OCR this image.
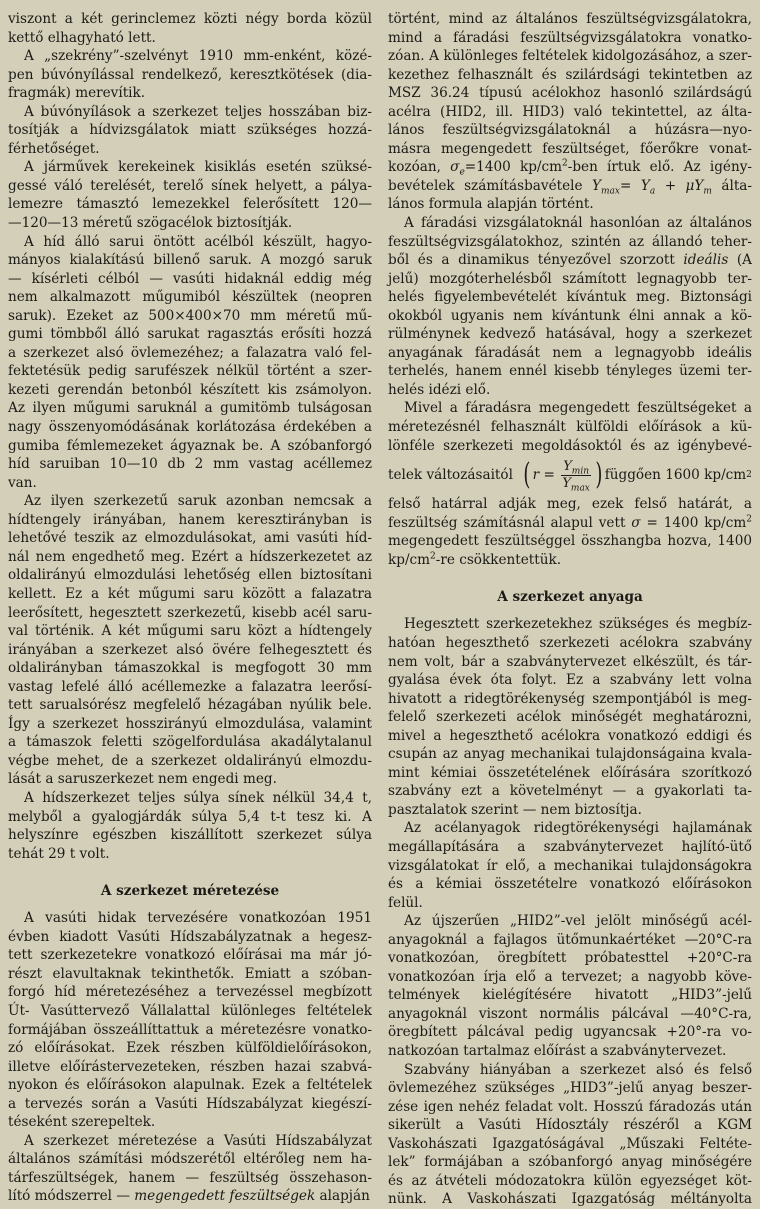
viszont a két gerinclemez közti négy borda közül
kettő elhagyható lett.
A „szekrény”-szelvényt 1910 mm-enként, közé-
pen búvónyílással rendelkező, keresztkötések (dia-
fragmák) merevítik.
A búvónyílások a szerkezet teljes hosszában biz-
tosítják a hídvizsgálatok miatt szükséges hozzá-
férhetőséget.
A járművek kerekeinek kisiklás esetén szüksé-
gessé váló terelését, terelő sínek helyett, a pálya-
lemezre támasztó lemezekkel felerősített 120—
—120—13 méretű szögacélok biztosítják.
A híd álló sarui öntött acélból készült, hagyo-
mányos kialakítású billenő saruk. A mozgó saruk
— kísérleti célból — vasúti hidaknál eddig még
nem alkalmazott műgumiból készültek (neopren
saruk). Ezeket az 500×400×70 mm méretű mű-
gumi tömbből álló sarukat ragasztás erősíti hozzá
a szerkezet alsó övlemezéhez; a falazatra való fel-
fektetésük pedig sarufészek nélkül történt a szer-
kezeti gerendán betonból készített kis zsámolyon.
Az ilyen műgumi saruknál a gumitömb tulságosan
nagy összenyomódásának korlátozása érdekében a
gumiba fémlemezeket ágyaznak be. A szóbanforgó
híd saruiban 10—10 db 2 mm vastag acéllemez
van.
Az ilyen szerkezetű saruk azonban nemcsak a
hídtengely irányában, hanem keresztirányban is
lehetővé teszik az elmozdulásokat, ami vasúti híd-
nál nem engedhető meg. Ezért a hídszerkezetet az
oldalirányú elmozdulási lehetőség ellen biztosítani
kellett. Ez a két műgumi saru között a falazatra
leerősített, hegesztett szerkezetű, kisebb acél saru-
val történik. A két műgumi saru közt a hídtengely
irányában a szerkezet alsó övére felhegesztett és
oldalirányban támaszokkal is megfogott 30 mm
vastag lefelé álló acéllemezke a falazatra leerősí-
tett sarualsórész megfelelő hézagában nyúlik bele.
Így a szerkezet hosszirányú elmozdulása, valamint
a támaszok feletti szögelfordulása akadálytalanul
végbe mehet, de a szerkezet oldalirányú elmozdu-
lását a saruszerkezet nem engedi meg.
A hídszerkezet teljes súlya sínek nélkül 34,4 t,
melyből a gyalogjárdák súlya 5,4 t-t tesz ki. A
helyszínre egészben kiszállított szerkezet súlya
tehát 29 t volt.
A szerkezet méretezése
A vasúti hidak tervezésére vonatkozóan 1951
évben kiadott Vasúti Hídszabályzatnak a hegesz-
tett szerkezetekre vonatkozó előírásai ma már jó-
részt elavultaknak tekinthetők. Emiatt a szóban-
forgó híd méretezéséhez a tervezéssel megbízott
Út- Vasúttervező Vállalattal különleges feltételek
formájában összeállíttattuk a méretezésre vonatko-
zó előírásokat. Ezek részben külföldielőírásokon,
illetve előírástervezeteken, részben hazai szabvá-
nyokon és előírásokon alapulnak. Ezek a feltételek
a tervezés során a Vasúti Hídszabályzat kiegészí-
téseként szerepeltek.
A szerkezet méretezése a Vasúti Hídszabályzat
általános számítási módszerétől eltérőleg nem ha-
tárfeszültségek, hanem — feszültség összehason-
lító módszerrel — megengedett feszültségek alapján
történt, mind az általános feszültségvizsgálatokra,
mind a fáradási feszültségvizsgálatokra vonatko-
zóan. A különleges feltételek kidolgozásához, a szer-
kezethez felhasznált és szilárdsági tekintetben az
MSZ 36.24 típusú acélokhoz hasonló szilárdságú
acélra (HID2, ill. HID3) való tekintettel, az álta-
lános feszültségvizsgálatoknál a húzásra—nyo-
másra megengedett feszültséget, főerőkre vonat-
kozóan, $\sigma_e=1400$ $kp/cm^2$-ben írtuk elő. Az igény-
bevételek számításbavétele $Y_{max}= Y_a + \mu Y_m$ álta-
lános formula alapján történt.
A fáradási vizsgálatoknál hasonlóan az általános
feszültségvizsgálatokhoz, szintén az állandó teher-
ből és a dinamikus tényezővel szorzott ideális (A
jelű) mozgóterhelésből számított legnagyobb ter-
helés figyelembevételét kívántuk meg. Biztonsági
okokból ugyanis nem kívántunk élni annak a kö-
rülménynek kedvező hatásával, hogy a szerkezet
anyagának fáradását nem a legnagyobb ideális
terhelés, hanem ennél kisebb tényleges üzemi ter-
helés idézi elő.
Mivel a fáradásra megengedett feszültségeket a
méretezésnél felhasznált külföldi előírások a kü-
lönféle szerkezeti megoldásoktól és az igénybevé-
telek változásaitól ( $r = \frac{Y_{min}}{Y_{max}}$ ) függően 1600 kp/cm 2
felső határral adják meg, ezek felső határát, a
feszültség számításnál alapul vett σ = 1400 $kp/cm^2$
megengedett feszültséggel összhangba hozva, 1400
$kp/cm^2-re$ csökkentettük.
A szerkezet anyaga
Hegesztett szerkezetekhez szükséges és megbíz-
hatóan hegeszthető szerkezeti acélokra szabvány
nem volt, bár a szabványtervezet elkészült, és tár-
gyalása évek óta folyt. Ez a szabvány lett volna
hivatott a ridegtörékenység szempontjából is meg-
felelő szerkezeti acélok minőségét meghatározni,
mivel a hegeszthető acélokra vonatkozó eddigi és
csupán az anyag mechanikai tulajdonságaina kvala-
mint kémiai összetételének előírására szorítkozó
szabvány ezt a követelményt — a gyakorlati ta-
pasztalatok szerint — nem biztosítja.
Az acélanyagok ridegtörékenységi hajlamának
megállapítására a szabványtervezet hajlító-ütő
vizsgálatokat ír elő, a mechanikai tulajdonságokra
és a kémiai összetételre vonatkozó előírásokon
felül.
Az újszerűen „HID2”-vel jelölt minőségű acél-
anyagoknál a fajlagos ütőmunkaértéket —20°C-ra
vonatkozóan, öregbített próbatesttel +20°C-ra
vonatkozóan írja elő a tervezet; a nagyobb köve-
telmények kielégítésére hivatott „HID3”-jelű
anyagoknál viszont normális pálcával —40°C-ra,
öregbített pálcával pedig ugyancsak +20°-ra vo-
natkozóan tartalmaz előírást a szabványtervezet.
Szabvány hiányában a szerkezet alsó és felső
övlemezéhez szükséges „HID3”-jelű anyag beszer-
zése igen nehéz feladat volt. Hosszú fáradozás után
sikerült a Vasúti Hídosztály részéről a KGM
Vaskohászati Igazgatóságával „Műszaki Feltéte-
lek” formájában a szóbanforgó anyag minőségére
és az átvételi módozatokra külön egyezséget köt-
nünk. A Vaskohászati Igazgatóság méltányolta
